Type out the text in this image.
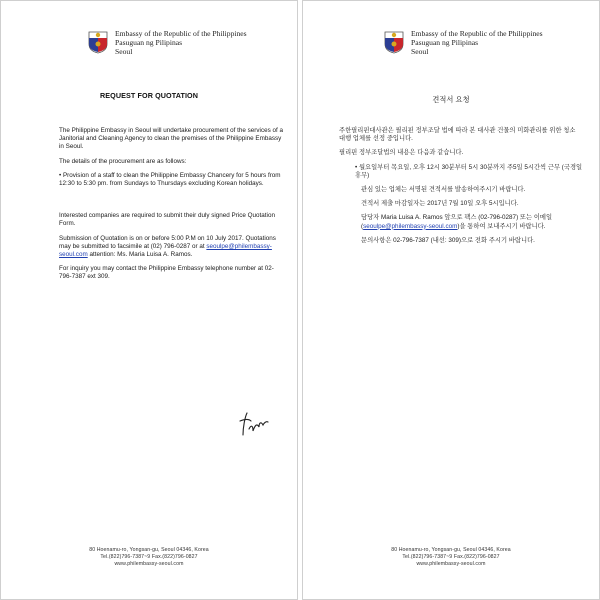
Embassy of the Republic of the Philippines
Pasuguan ng Pilipinas
Seoul
REQUEST FOR QUOTATION

The Philippine Embassy in Seoul will undertake procurement of the services of a Janitorial and Cleaning Agency to clean the premises of the Philippine Embassy in Seoul.

The details of the procurement are as follows:

• Provision of a staff to clean the Philippine Embassy Chancery for 5 hours from 12:30 to 5:30 pm. from Sundays to Thursdays excluding Korean holidays.

Interested companies are required to submit their duly signed Price Quotation Form.

Submission of Quotation is on or before 5:00 P.M on 10 July 2017. Quotations may be submitted to facsimile at (02) 796-0287 or at seoulpe@philembassy-seoul.com attention: Ms. Maria Luisa A. Ramos.

For inquiry you may contact the Philippine Embassy telephone number at 02-796-7387 ext 309.

80 Hoenamu-ro, Yongsan-gu, Seoul 04346, Korea
Tel.(822)796-7387~9 Fax.(822)796-0827
www.philembassy-seoul.com
Embassy of the Republic of the Philippines
Pasuguan ng Pilipinas
Seoul
견적서 요청

주한필리핀대사관은 필리핀 정부조달 법에 따라 본 대사관 건물의 미화관리를 위한 청소 대행 업체를 선정 중입니다.

필리핀 정부조달법의 내용은 다음과 같습니다.

• 월요일부터 목요일, 오후 12시 30분부터 5시 30분까지 주5일 5시간씩 근무 (국경일 휴무)

관심 있는 업체는 서명된 견적서를 발송하여주시기 바랍니다.

견적서 제출 마감일자는 2017년 7월 10일 오후 5시입니다.

담당자 Maria Luisa A. Ramos 앞으로 팩스 (02-796-0287) 또는 이메일 (seoulpe@philembassy-seoul.com)을 통하여 보내주시기 바랍니다.

문의사항은 02-796-7387 (내선: 309)으로 전화 주시기 바랍니다.

80 Hoenamu-ro, Yongsan-gu, Seoul 04346, Korea
Tel.(822)796-7387~9 Fax.(822)796-0827
www.philembassy-seoul.com
